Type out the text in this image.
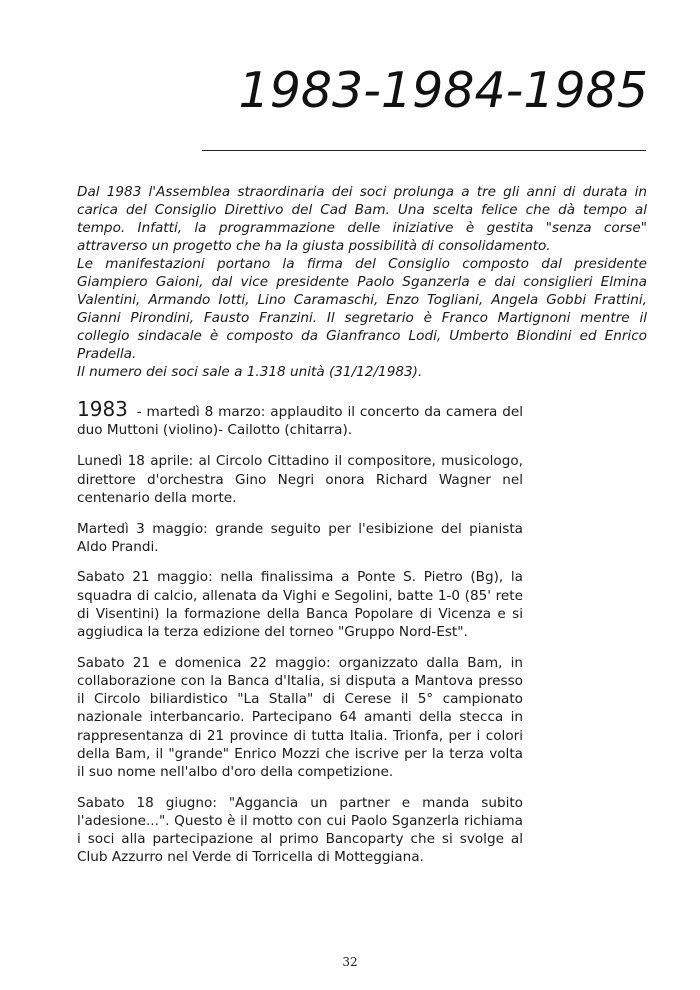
1983-1984-1985

Dal 1983 l'Assemblea straordinaria dei soci prolunga a tre gli anni di durata in carica del Consiglio Direttivo del Cad Bam. Una scelta felice che dà tempo al tempo. Infatti, la programmazione delle iniziative è gestita "senza corse" attraverso un progetto che ha la giusta possibilità di consolidamento.

Le manifestazioni portano la firma del Consiglio composto dal presidente Giampiero Gaioni, dal vice presidente Paolo Sganzerla e dai consiglieri Elmina Valentini, Armando Iotti, Lino Caramaschi, Enzo Togliani, Angela Gobbi Frattini, Gianni Pirondini, Fausto Franzini. Il segretario è Franco Martignoni mentre il collegio sindacale è composto da Gianfranco Lodi, Umberto Biondini ed Enrico Pradella.

Il numero dei soci sale a 1.318 unità (31/12/1983).

1983 - martedì 8 marzo: applaudito il concerto da camera del duo Muttoni (violino)- Cailotto (chitarra).

Lunedì 18 aprile: al Circolo Cittadino il compositore, musicologo, direttore d'orchestra Gino Negri onora Richard Wagner nel centenario della morte.

Martedì 3 maggio: grande seguito per l'esibizione del pianista Aldo Prandi.

Sabato 21 maggio: nella finalissima a Ponte S. Pietro (Bg), la squadra di calcio, allenata da Vighi e Segolini, batte 1-0 (85' rete di Visentini) la formazione della Banca Popolare di Vicenza e si aggiudica la terza edizione del torneo "Gruppo Nord-Est".

Sabato 21 e domenica 22 maggio: organizzato dalla Bam, in collaborazione con la Banca d'Italia, si disputa a Mantova presso il Circolo biliardistico "La Stalla" di Cerese il 5° campionato nazionale interbancario. Partecipano 64 amanti della stecca in rappresentanza di 21 province di tutta Italia. Trionfa, per i colori della Bam, il "grande" Enrico Mozzi che iscrive per la terza volta il suo nome nell'albo d'oro della competizione.

Sabato 18 giugno: "Aggancia un partner e manda subito l'adesione...". Questo è il motto con cui Paolo Sganzerla richiama i soci alla partecipazione al primo Bancoparty che si svolge al Club Azzurro nel Verde di Torricella di Motteggiana.

32
